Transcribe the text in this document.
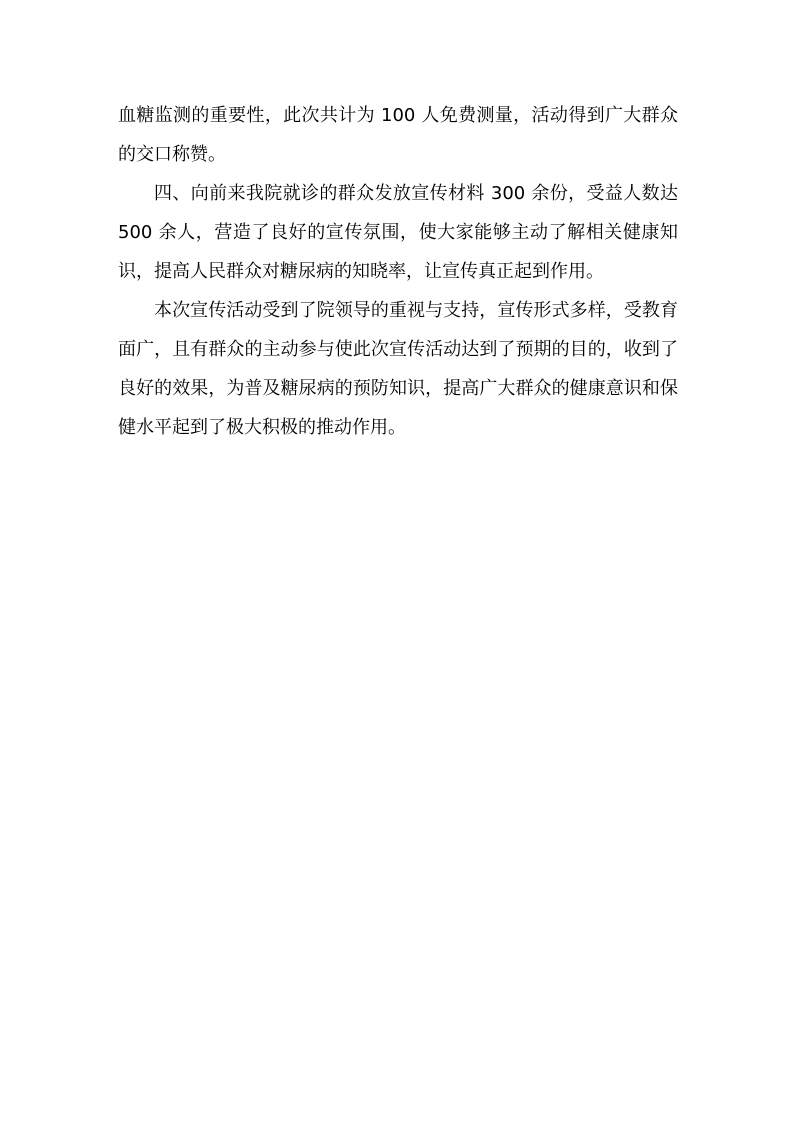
血糖监测的重要性，此次共计为 100 人免费测量，活动得到广大群众的交口称赞。

四、向前来我院就诊的群众发放宣传材料 300 余份，受益人数达 500 余人，营造了良好的宣传氛围，使大家能够主动了解相关健康知识，提高人民群众对糖尿病的知晓率，让宣传真正起到作用。

本次宣传活动受到了院领导的重视与支持，宣传形式多样，受教育面广，且有群众的主动参与使此次宣传活动达到了预期的目的，收到了良好的效果，为普及糖尿病的预防知识，提高广大群众的健康意识和保健水平起到了极大积极的推动作用。
